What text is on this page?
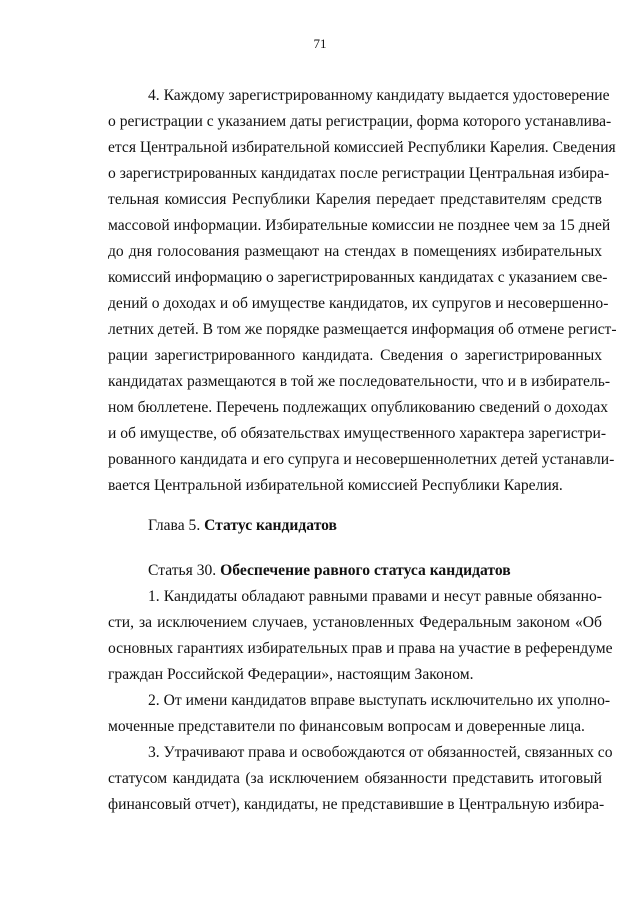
71
4. Каждому зарегистрированному кандидату выдается удостоверение
о регистрации с указанием даты регистрации, форма которого устанавлива-
ется Центральной избирательной комиссией Республики Карелия. Сведения
о зарегистрированных кандидатах после регистрации Центральная избира-
тельная комиссия Республики Карелия передает представителям средств
массовой информации. Избирательные комиссии не позднее чем за 15 дней
до дня голосования размещают на стендах в помещениях избирательных
комиссий информацию о зарегистрированных кандидатах с указанием све-
дений о доходах и об имуществе кандидатов, их супругов и несовершенно-
летних детей. В том же порядке размещается информация об отмене регист-
рации зарегистрированного кандидата. Сведения о зарегистрированных
кандидатах размещаются в той же последовательности, что и в избиратель-
ном бюллетене. Перечень подлежащих опубликованию сведений о доходах
и об имуществе, об обязательствах имущественного характера зарегистри-
рованного кандидата и его супруга и несовершеннолетних детей устанавли-
вается Центральной избирательной комиссией Республики Карелия.
Глава 5. Статус кандидатов
Статья 30. Обеспечение равного статуса кандидатов
1. Кандидаты обладают равными правами и несут равные обязанно-
сти, за исключением случаев, установленных Федеральным законом «Об
основных гарантиях избирательных прав и права на участие в референдуме
граждан Российской Федерации», настоящим Законом.
2. От имени кандидатов вправе выступать исключительно их уполно-
моченные представители по финансовым вопросам и доверенные лица.
3. Утрачивают права и освобождаются от обязанностей, связанных со
статусом кандидата (за исключением обязанности представить итоговый
финансовый отчет), кандидаты, не представившие в Центральную избира-
